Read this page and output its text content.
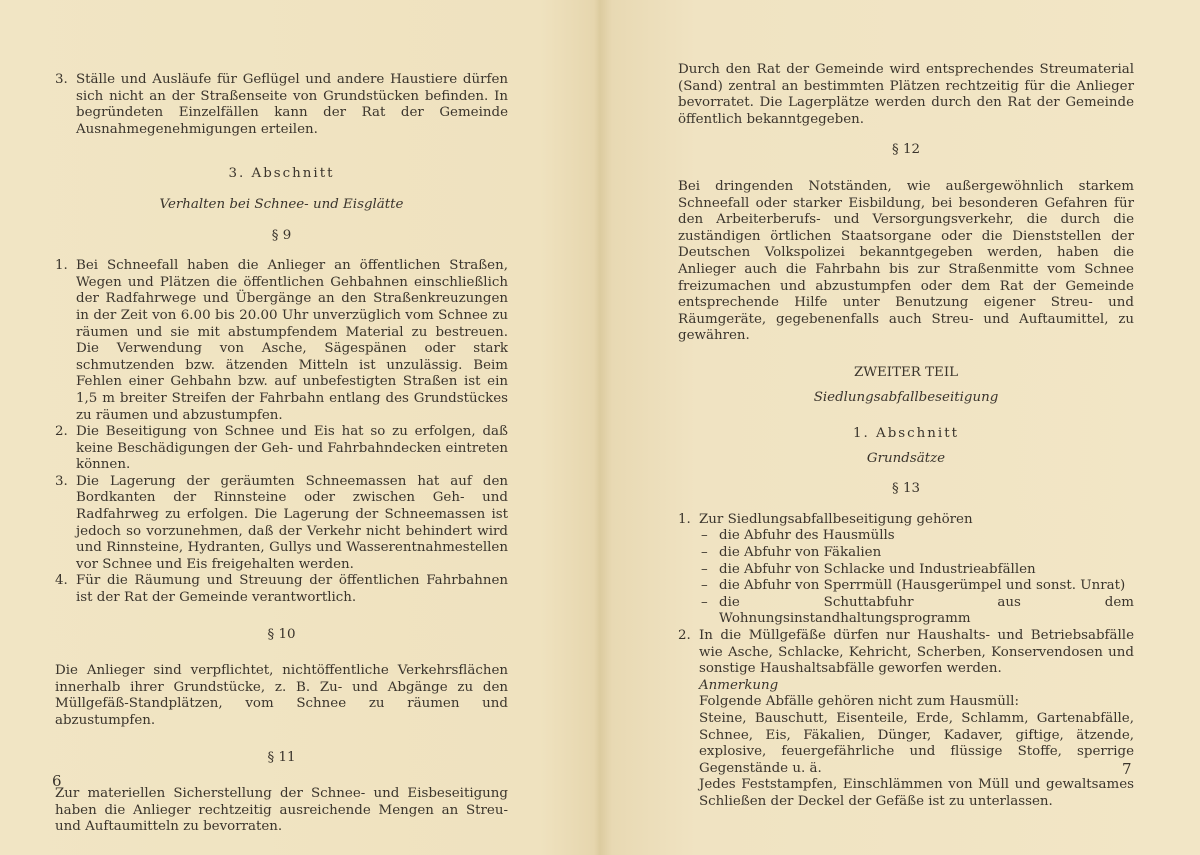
3. Ställe und Ausläufe für Geflügel und andere Haustiere dürfen sich nicht an der Straßenseite von Grundstücken befinden. In begründeten Einzelfällen kann der Rat der Gemeinde Ausnahmegenehmigungen erteilen.

3. Abschnitt

Verhalten bei Schnee- und Eisglätte

§ 9

1. Bei Schneefall haben die Anlieger an öffentlichen Straßen, Wegen und Plätzen die öffentlichen Gehbahnen einschließlich der Radfahrwege und Übergänge an den Straßenkreuzungen in der Zeit von 6.00 bis 20.00 Uhr unverzüglich vom Schnee zu räumen und sie mit abstumpfendem Material zu bestreuen. Die Verwendung von Asche, Sägespänen oder stark schmutzenden bzw. ätzenden Mitteln ist unzulässig. Beim Fehlen einer Gehbahn bzw. auf unbefestigten Straßen ist ein 1,5 m breiter Streifen der Fahrbahn entlang des Grundstückes zu räumen und abzustumpfen.
2. Die Beseitigung von Schnee und Eis hat so zu erfolgen, daß keine Beschädigungen der Geh- und Fahrbahndecken eintreten können.
3. Die Lagerung der geräumten Schneemassen hat auf den Bordkanten der Rinnsteine oder zwischen Geh- und Radfahrweg zu erfolgen. Die Lagerung der Schneemassen ist jedoch so vorzunehmen, daß der Verkehr nicht behindert wird und Rinnsteine, Hydranten, Gullys und Wasserentnahmestellen vor Schnee und Eis freigehalten werden.
4. Für die Räumung und Streuung der öffentlichen Fahrbahnen ist der Rat der Gemeinde verantwortlich.

§ 10

Die Anlieger sind verpflichtet, nichtöffentliche Verkehrsflächen innerhalb ihrer Grundstücke, z. B. Zu- und Abgänge zu den Müllgefäß-Standplätzen, vom Schnee zu räumen und abzustumpfen.

§ 11

Zur materiellen Sicherstellung der Schnee- und Eisbeseitigung haben die Anlieger rechtzeitig ausreichende Mengen an Streu- und Auftaumitteln zu bevorraten.

6

Durch den Rat der Gemeinde wird entsprechendes Streumaterial (Sand) zentral an bestimmten Plätzen rechtzeitig für die Anlieger bevorratet. Die Lagerplätze werden durch den Rat der Gemeinde öffentlich bekanntgegeben.

§ 12

Bei dringenden Notständen, wie außergewöhnlich starkem Schneefall oder starker Eisbildung, bei besonderen Gefahren für den Arbeiterberufs- und Versorgungsverkehr, die durch die zuständigen örtlichen Staatsorgane oder die Dienststellen der Deutschen Volkspolizei bekanntgegeben werden, haben die Anlieger auch die Fahrbahn bis zur Straßenmitte vom Schnee freizumachen und abzustumpfen oder dem Rat der Gemeinde entsprechende Hilfe unter Benutzung eigener Streu- und Räumgeräte, gegebenenfalls auch Streu- und Auftaumittel, zu gewähren.

ZWEITER TEIL

Siedlungsabfallbeseitigung

1. Abschnitt

Grundsätze

§ 13

1. Zur Siedlungsabfallbeseitigung gehören
– die Abfuhr des Hausmülls
– die Abfuhr von Fäkalien
– die Abfuhr von Schlacke und Industrieabfällen
– die Abfuhr von Sperrmüll (Hausgerümpel und sonst. Unrat)
– die Schuttabfuhr aus dem Wohnungsinstandhaltungsprogramm
2. In die Müllgefäße dürfen nur Haushalts- und Betriebsabfälle wie Asche, Schlacke, Kehricht, Scherben, Konservendosen und sonstige Haushaltsabfälle geworfen werden.
Anmerkung
Folgende Abfälle gehören nicht zum Hausmüll:
Steine, Bauschutt, Eisenteile, Erde, Schlamm, Gartenabfälle, Schnee, Eis, Fäkalien, Dünger, Kadaver, giftige, ätzende, explosive, feuergefährliche und flüssige Stoffe, sperrige Gegenstände u. ä.
Jedes Feststampfen, Einschlämmen von Müll und gewaltsames Schließen der Deckel der Gefäße ist zu unterlassen.
7
